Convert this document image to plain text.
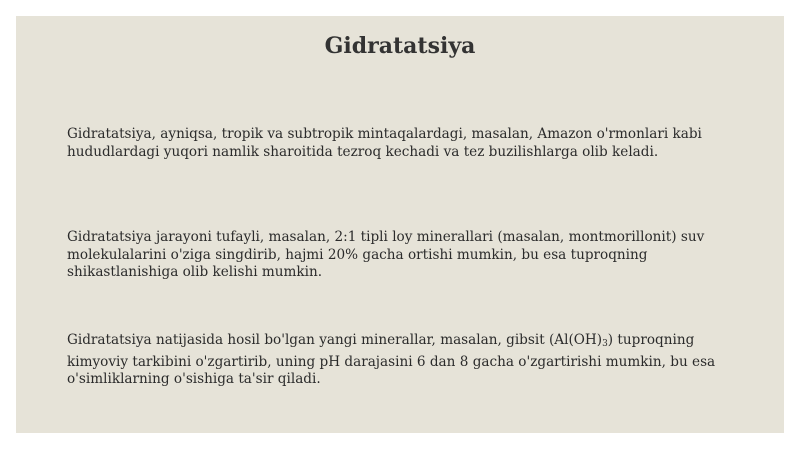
Gidratatsiya

Gidratatsiya, ayniqsa, tropik va subtropik mintaqalardagi, masalan, Amazon o'rmonlari kabi
hududlardagi yuqori namlik sharoitida tezroq kechadi va tez buzilishlarga olib keladi.

Gidratatsiya jarayoni tufayli, masalan, 2:1 tipli loy minerallari (masalan, montmorillonit) suv
molekulalarini o'ziga singdirib, hajmi 20% gacha ortishi mumkin, bu esa tuproqning
shikastlanishiga olib kelishi mumkin.

Gidratatsiya natijasida hosil bo'lgan yangi minerallar, masalan, gibsit $(Al(OH)_3)$ tuproqning
kimyoviy tarkibini o'zgartirib, uning pH darajasini 6 dan 8 gacha o'zgartirishi mumkin, bu esa
o'simliklarning o'sishiga ta'sir qiladi.
